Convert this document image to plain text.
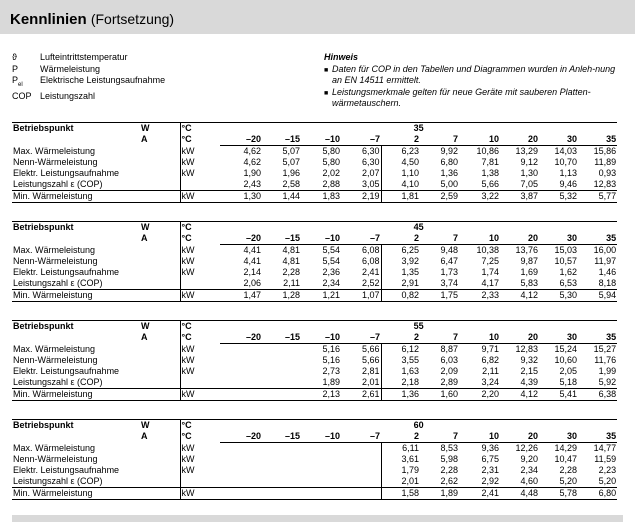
Kennlinien (Fortsetzung)
ϑ	Lufteintrittstemperatur
P	Wärmeleistung
$P_{el}$	Elektrische Leistungsaufnahme
COP Leistungszahl
Hinweis
■ Daten für COP in den Tabellen und Diagrammen wurden in Anleh-nung an EN 14511 ermittelt.
■ Leistungsmerkmale gelten für neue Geräte mit sauberen Platten-wärmetauschern.
Betriebspunkt	W	°C	35									
	A	°C	–20	–15	–10	–7	2	7	10	20	30	35
Max. Wärmeleistung		kW	4,62	5,07	5,80	6,30	6,23	9,92	10,86	13,29	14,03	15,86
Nenn-Wärmeleistung		kW	4,62	5,07	5,80	6,30	4,50	6,80	7,81	9,12	10,70	11,89
Elektr. Leistungsaufnahme		kW	1,90	1,96	2,02	2,07	1,10	1,36	1,38	1,30	1,13	0,93
Leistungszahl ε (COP)			2,43	2,58	2,88	3,05	4,10	5,00	5,66	7,05	9,46	12,83
Min. Wärmeleistung		kW	1,30	1,44	1,83	2,19	1,81	2,59	3,22	3,87	5,32	5,77
Betriebspunkt	W	°C	45									
	A	°C	–20	–15	–10	–7	2	7	10	20	30	35
Max. Wärmeleistung		kW	4,41	4,81	5,54	6,08	6,25	9,48	10,38	13,76	15,03	16,00
Nenn-Wärmeleistung		kW	4,41	4,81	5,54	6,08	3,92	6,47	7,25	9,87	10,57	11,97
Elektr. Leistungsaufnahme		kW	2,14	2,28	2,36	2,41	1,35	1,73	1,74	1,69	1,62	1,46
Leistungszahl ε (COP)			2,06	2,11	2,34	2,52	2,91	3,74	4,17	5,83	6,53	8,18
Min. Wärmeleistung		kW	1,47	1,28	1,21	1,07	0,82	1,75	2,33	4,12	5,30	5,94
Betriebspunkt	W	°C	55									
	A	°C	–20	–15	–10	–7	2	7	10	20	30	35
Max. Wärmeleistung		kW			5,16	5,66	6,12	8,87	9,71	12,83	15,24	15,27
Nenn-Wärmeleistung		kW			5,16	5,66	3,55	6,03	6,82	9,32	10,60	11,76
Elektr. Leistungsaufnahme		kW			2,73	2,81	1,63	2,09	2,11	2,15	2,05	1,99
Leistungszahl ε (COP)					1,89	2,01	2,18	2,89	3,24	4,39	5,18	5,92
Min. Wärmeleistung		kW			2,13	2,61	1,36	1,60	2,20	4,12	5,41	6,38
Betriebspunkt	W	°C	60									
	A	°C	–20	–15	–10	–7	2	7	10	20	30	35
Max. Wärmeleistung		kW					6,11	8,53	9,36	12,26	14,29	14,77
Nenn-Wärmeleistung		kW					3,61	5,98	6,75	9,20	10,47	11,59
Elektr. Leistungsaufnahme		kW					1,79	2,28	2,31	2,34	2,28	2,23
Leistungszahl ε (COP)							2,01	2,62	2,92	4,60	5,20	5,20
Min. Wärmeleistung		kW					1,58	1,89	2,41	4,48	5,78	6,80
